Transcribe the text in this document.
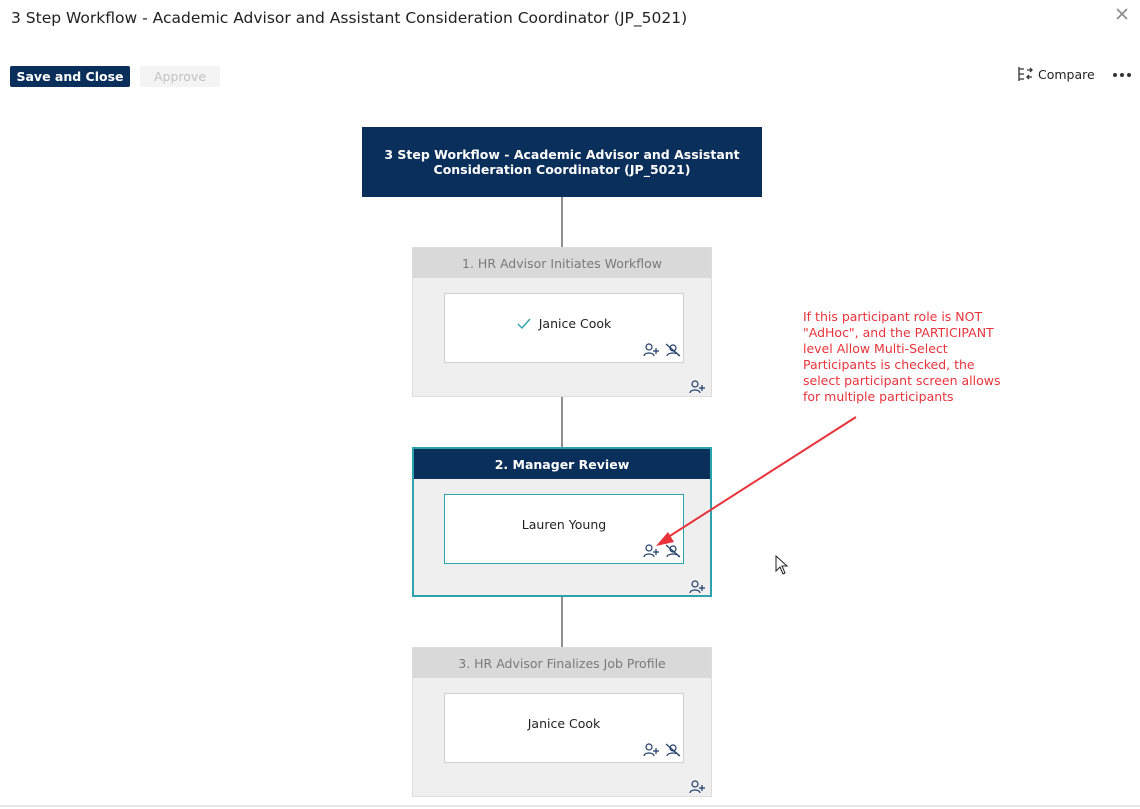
3 Step Workflow - Academic Advisor and Assistant Consideration Coordinator (JP_5021)
Save and Close	Approve	Compare
3 Step Workflow - Academic Advisor and Assistant Consideration Coordinator (JP_5021)
1. HR Advisor Initiates Workflow
Janice Cook
2. Manager Review
Lauren Young
3. HR Advisor Finalizes Job Profile
Janice Cook
If this participant role is NOT
"AdHoc", and the PARTICIPANT
level Allow Multi-Select
Participants is checked, the
select participant screen allows
for multiple participants
